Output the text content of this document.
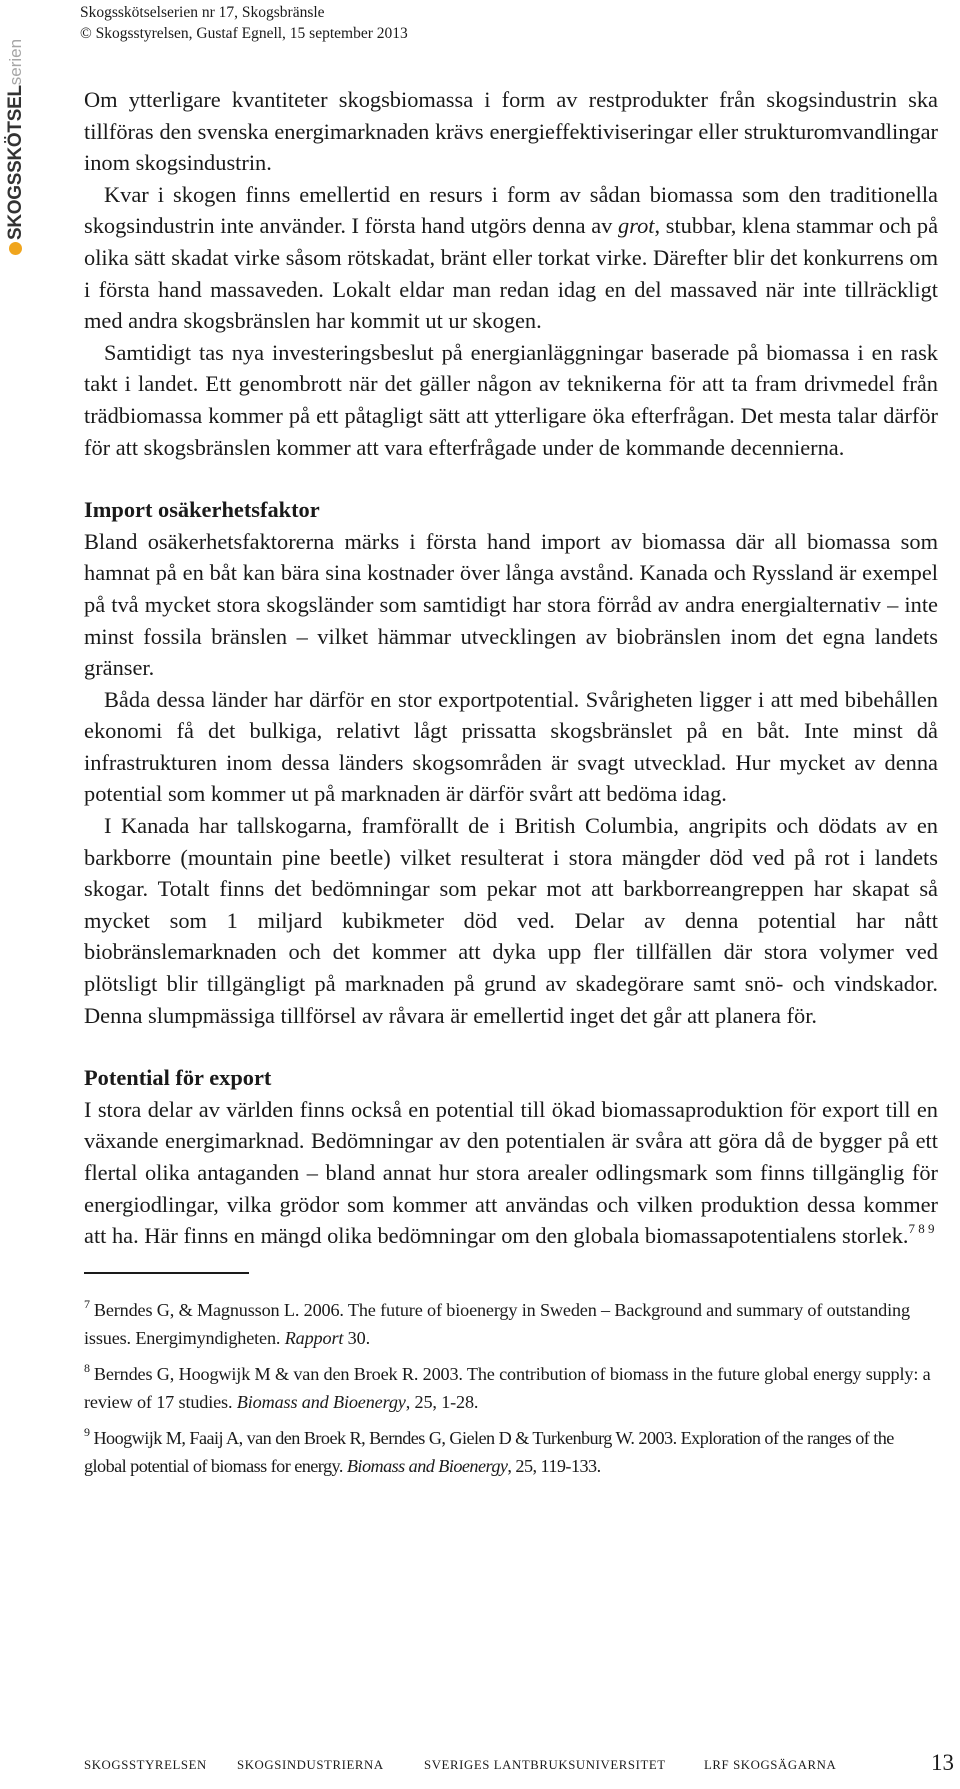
Skogsskötselserien nr 17, Skogsbränsle
© Skogsstyrelsen, Gustaf Egnell, 15 september 2013
SKOGSSKÖTSELserien

Om ytterligare kvantiteter skogsbiomassa i form av restprodukter från skogsindustrin ska tillföras den svenska energimarknaden krävs energieffektiviseringar eller strukturomvandlingar inom skogsindustrin.

Kvar i skogen finns emellertid en resurs i form av sådan biomassa som den traditionella skogsindustrin inte använder. I första hand utgörs denna av grot, stubbar, klena stammar och på olika sätt skadat virke såsom rötskadat, bränt eller torkat virke. Därefter blir det konkurrens om i första hand massaveden. Lokalt eldar man redan idag en del massaved när inte tillräckligt med andra skogsbränslen har kommit ut ur skogen.

Samtidigt tas nya investeringsbeslut på energianläggningar baserade på biomassa i en rask takt i landet. Ett genombrott när det gäller någon av teknikerna för att ta fram drivmedel från trädbiomassa kommer på ett påtagligt sätt att ytterligare öka efterfrågan. Det mesta talar därför för att skogsbränslen kommer att vara efterfrågade under de kommande decennierna.

Import osäkerhetsfaktor

Bland osäkerhetsfaktorerna märks i första hand import av biomassa där all biomassa som hamnat på en båt kan bära sina kostnader över långa avstånd. Kanada och Ryssland är exempel på två mycket stora skogsländer som samtidigt har stora förråd av andra energialternativ – inte minst fossila bränslen – vilket hämmar utvecklingen av biobränslen inom det egna landets gränser.

Båda dessa länder har därför en stor exportpotential. Svårigheten ligger i att med bibehållen ekonomi få det bulkiga, relativt lågt prissatta skogsbränslet på en båt. Inte minst då infrastrukturen inom dessa länders skogsområden är svagt utvecklad. Hur mycket av denna potential som kommer ut på marknaden är därför svårt att bedöma idag.

I Kanada har tallskogarna, framförallt de i British Columbia, angripits och dödats av en barkborre (mountain pine beetle) vilket resulterat i stora mängder död ved på rot i landets skogar. Totalt finns det bedömningar som pekar mot att barkborreangreppen har skapat så mycket som 1 miljard kubikmeter död ved. Delar av denna potential har nått biobränslemarknaden och det kommer att dyka upp fler tillfällen där stora volymer ved plötsligt blir tillgängligt på marknaden på grund av skadegörare samt snö- och vindskador. Denna slumpmässiga tillförsel av råvara är emellertid inget det går att planera för.

Potential för export

I stora delar av världen finns också en potential till ökad biomassaproduktion för export till en växande energimarknad. Bedömningar av den potentialen är svåra att göra då de bygger på ett flertal olika antaganden – bland annat hur stora arealer odlingsmark som finns tillgänglig för energiodlingar, vilka grödor som kommer att användas och vilken produktion dessa kommer att ha. Här finns en mängd olika bedömningar om den globala biomassapotentialens storlek.$^{7 8 9}$

$^7$ Berndes G, & Magnusson L. 2006. The future of bioenergy in Sweden – Background and summary of outstanding issues. Energimyndigheten. Rapport 30.

$^8$ Berndes G, Hoogwijk M & van den Broek R. 2003. The contribution of biomass in the future global energy supply: a review of 17 studies. Biomass and Bioenergy, 25, 1-28.

$^9$ Hoogwijk M, Faaij A, van den Broek R, Berndes G, Gielen D & Turkenburg W. 2003. Exploration of the ranges of the global potential of biomass for energy. Biomass and Bioenergy, 25, 119-133.

SKOGSSTYRELSEN SKOGSINDUSTRIERNA	SVERIGES LANTBRUKSUNIVERSITET	LRF SKOGSÄGARNA	13
